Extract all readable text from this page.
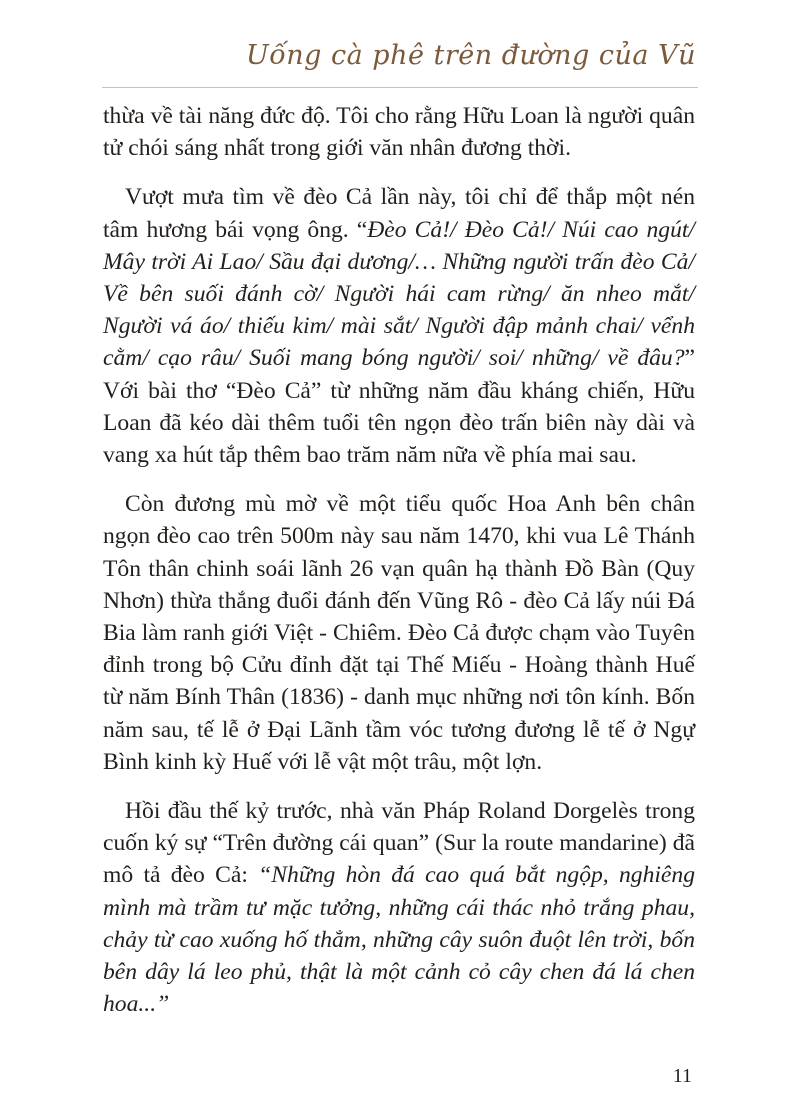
Uống cà phê trên đường của Vũ

thừa về tài năng đức độ. Tôi cho rằng Hữu Loan là người quân tử chói sáng nhất trong giới văn nhân đương thời.

Vượt mưa tìm về đèo Cả lần này, tôi chỉ để thắp một nén tâm hương bái vọng ông. “Đèo Cả!/ Đèo Cả!/ Núi cao ngút/ Mây trời Ai Lao/ Sầu đại dương/… Những người trấn đèo Cả/ Về bên suối đánh cờ/ Người hái cam rừng/ ăn nheo mắt/ Người vá áo/ thiếu kim/ mài sắt/ Người đập mảnh chai/ vểnh cằm/ cạo râu/ Suối mang bóng người/ soi/ những/ về đâu?” Với bài thơ “Đèo Cả” từ những năm đầu kháng chiến, Hữu Loan đã kéo dài thêm tuổi tên ngọn đèo trấn biên này dài và vang xa hút tắp thêm bao trăm năm nữa về phía mai sau.

Còn đương mù mờ về một tiểu quốc Hoa Anh bên chân ngọn đèo cao trên 500m này sau năm 1470, khi vua Lê Thánh Tôn thân chinh soái lãnh 26 vạn quân hạ thành Đồ Bàn (Quy Nhơn) thừa thắng đuổi đánh đến Vũng Rô - đèo Cả lấy núi Đá Bia làm ranh giới Việt - Chiêm. Đèo Cả được chạm vào Tuyên đỉnh trong bộ Cửu đỉnh đặt tại Thế Miếu - Hoàng thành Huế từ năm Bính Thân (1836) - danh mục những nơi tôn kính. Bốn năm sau, tế lễ ở Đại Lãnh tầm vóc tương đương lễ tế ở Ngự Bình kinh kỳ Huế với lễ vật một trâu, một lợn.

Hồi đầu thế kỷ trước, nhà văn Pháp Roland Dorgelès trong cuốn ký sự “Trên đường cái quan” (Sur la route mandarine) đã mô tả đèo Cả: “Những hòn đá cao quá bắt ngộp, nghiêng mình mà trầm tư mặc tưởng, những cái thác nhỏ trắng phau, chảy từ cao xuống hố thẳm, những cây suôn đuột lên trời, bốn bên dây lá leo phủ, thật là một cảnh cỏ cây chen đá lá chen hoa...”

11
